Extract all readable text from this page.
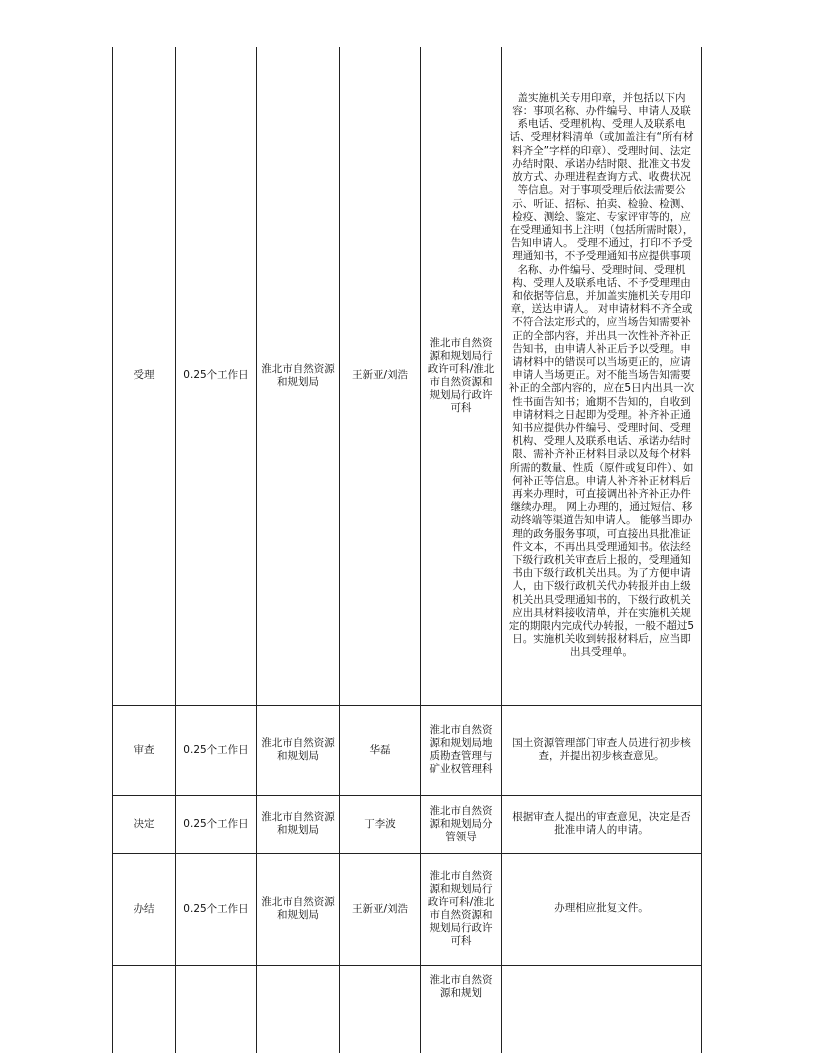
受理	0.25个工作日	淮北市自然资源和规划局	王新亚/刘浩	淮北市自然资源和规划局行政许可科/淮北市自然资源和规划局行政许可科	盖实施机关专用印章，并包括以下内容：事项名称、办件编号、申请人及联系电话、受理机构、受理人及联系电话、受理材料清单（或加盖注有“所有材料齐全”字样的印章）、受理时间、法定办结时限、承诺办结时限、批准文书发放方式、办理进程查询方式、收费状况等信息。对于事项受理后依法需要公示、听证、招标、拍卖、检验、检测、检疫、测绘、鉴定、专家评审等的，应在受理通知书上注明（包括所需时限），告知申请人。 受理不通过，打印不予受理通知书，不予受理通知书应提供事项名称、办件编号、受理时间、受理机构、受理人及联系电话、不予受理理由和依据等信息，并加盖实施机关专用印章，送达申请人。 对申请材料不齐全或不符合法定形式的，应当场告知需要补正的全部内容，并出具一次性补齐补正告知书，由申请人补正后予以受理。申请材料中的错误可以当场更正的，应请申请人当场更正。对不能当场告知需要补正的全部内容的，应在5日内出具一次性书面告知书；逾期不告知的，自收到申请材料之日起即为受理。补齐补正通知书应提供办件编号、受理时间、受理机构、受理人及联系电话、承诺办结时限、需补齐补正材料目录以及每个材料所需的数量、性质（原件或复印件）、如何补正等信息。申请人补齐补正材料后再来办理时，可直接调出补齐补正办件继续办理。 网上办理的，通过短信、移动终端等渠道告知申请人。 能够当即办理的政务服务事项，可直接出具批准证件文本，不再出具受理通知书。依法经下级行政机关审查后上报的，受理通知书由下级行政机关出具。为了方便申请人，由下级行政机关代办转报并由上级机关出具受理通知书的，下级行政机关应出具材料接收清单，并在实施机关规定的期限内完成代办转报，一般不超过5日。实施机关收到转报材料后，应当即出具受理单。
审查	0.25个工作日	淮北市自然资源和规划局	华磊	淮北市自然资源和规划局地质勘查管理与矿业权管理科	国土资源管理部门审查人员进行初步核查，并提出初步核查意见。
决定	0.25个工作日	淮北市自然资源和规划局	丁李波	淮北市自然资源和规划局分管领导	根据审查人提出的审查意见，决定是否批准申请人的申请。
办结	0.25个工作日	淮北市自然资源和规划局	王新亚/刘浩	淮北市自然资源和规划局行政许可科/淮北市自然资源和规划局行政许可科	办理相应批复文件。
				淮北市自然资源和规划	
